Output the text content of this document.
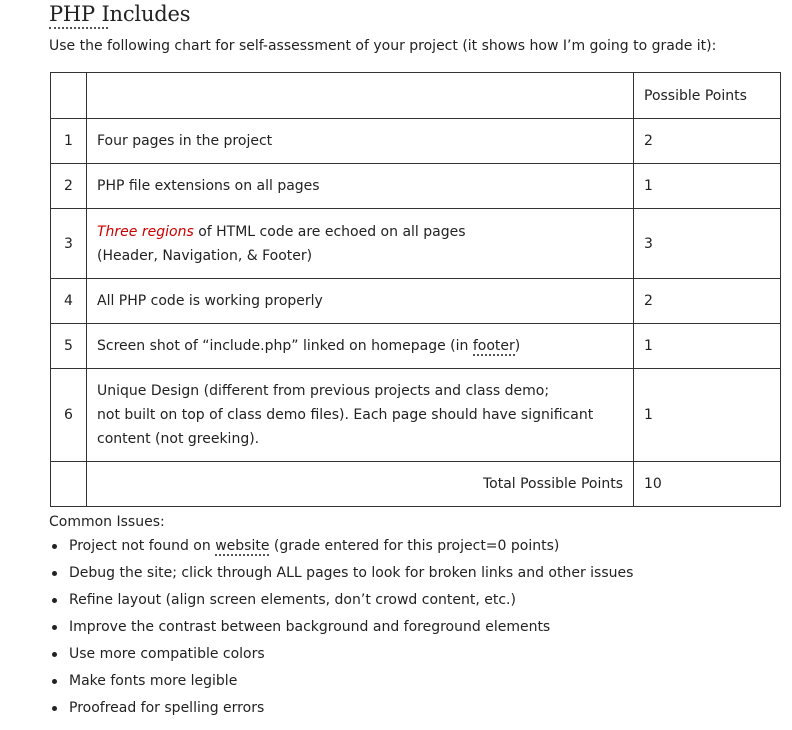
PHP Includes
Use the following chart for self-assessment of your project (it shows how I’m going to grade it):
		Possible Points
1	Four pages in the project	2
2	PHP file extensions on all pages	1
3	Three regions of HTML code are echoed on all pages
(Header, Navigation, & Footer)	3
4	All PHP code is working properly	2
5	Screen shot of “include.php” linked on homepage (in footer)	1
6	Unique Design (different from previous projects and class demo;
not built on top of class demo files). Each page should have significant
content (not greeking).	1
	Total Possible Points	10
Common Issues:
Project not found on website (grade entered for this project=0 points)
Debug the site; click through ALL pages to look for broken links and other issues
Refine layout (align screen elements, don’t crowd content, etc.)
Improve the contrast between background and foreground elements
Use more compatible colors
Make fonts more legible
Proofread for spelling errors
